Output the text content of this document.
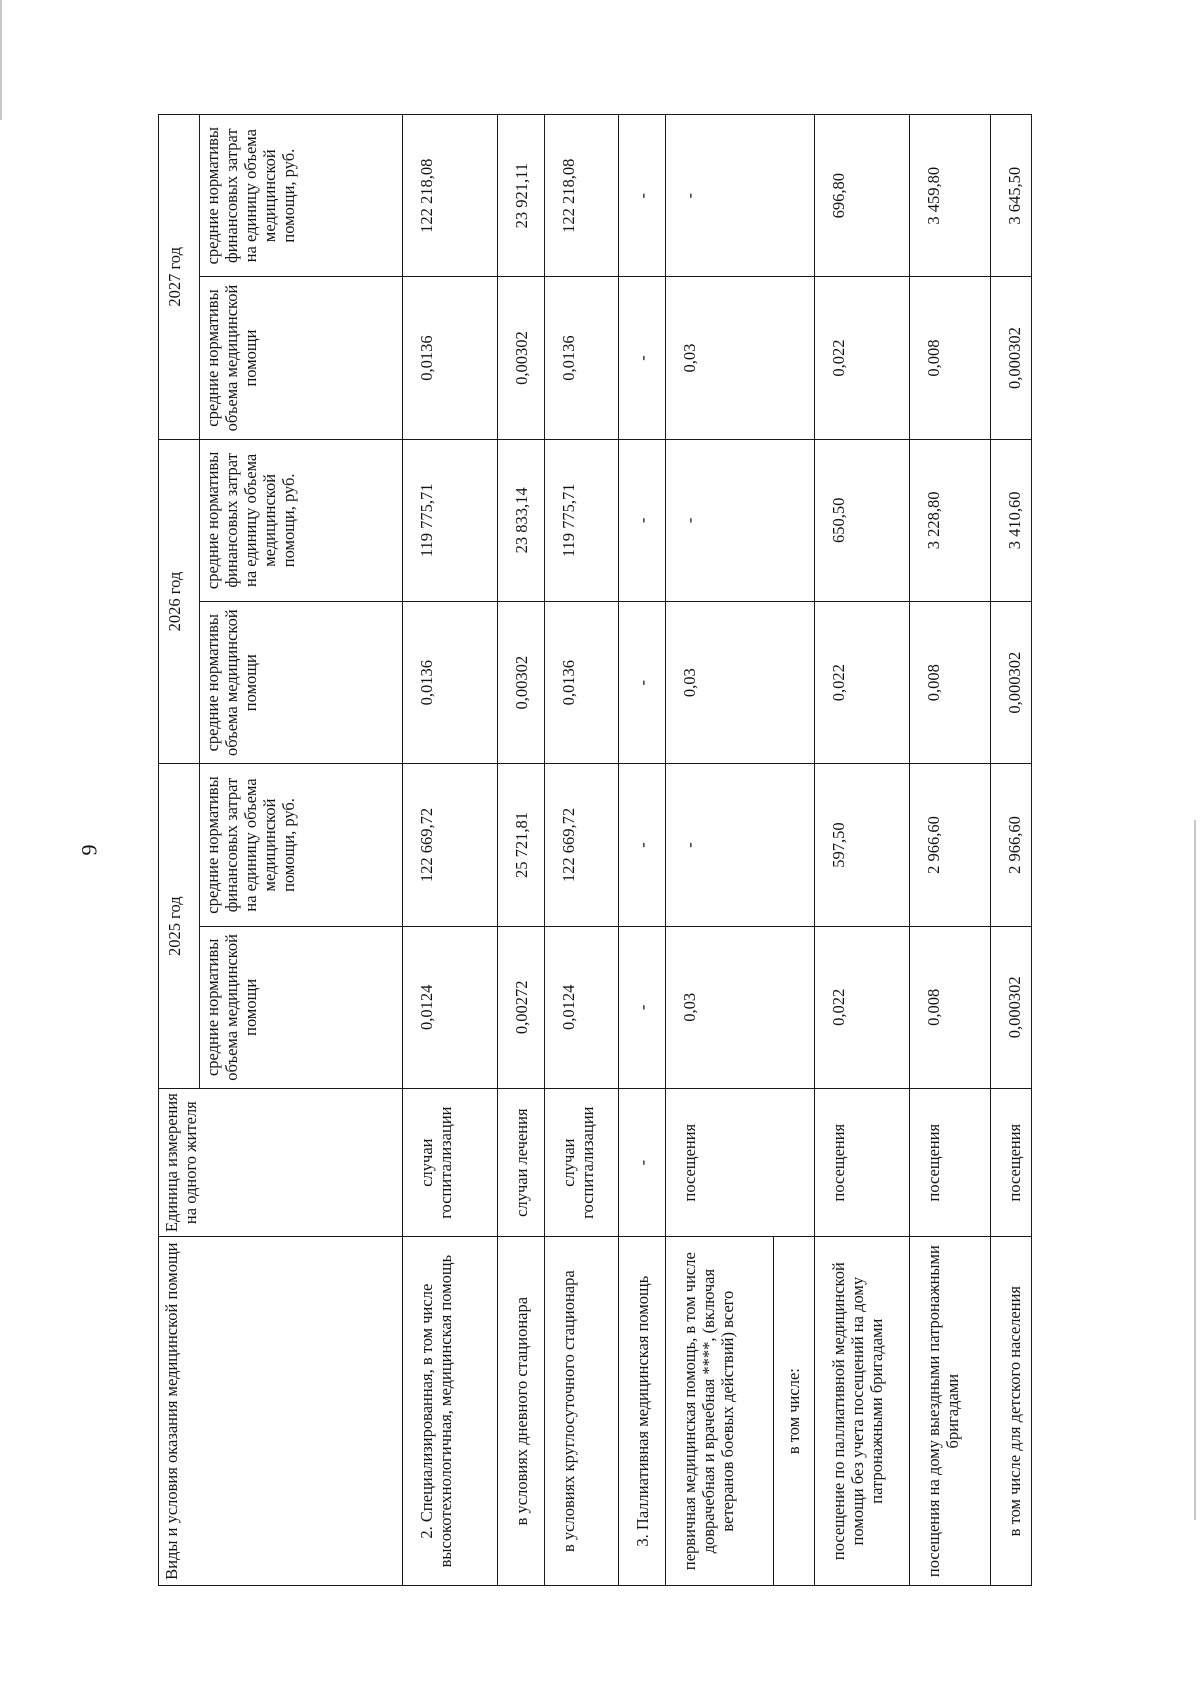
9
Виды и условия оказания медицинской помощи	Единица измерения на одного жителя	2025 год		2026 год		2027 год	
		средние нормативы объема медицинской помощи	средние нормативы финансовых затрат на единицу объема медицинской помощи, руб.	средние нормативы объема медицинской помощи	средние нормативы финансовых затрат на единицу объема медицинской помощи, руб.	средние нормативы объема медицинской помощи	средние нормативы финансовых затрат на единицу объема медицинской помощи, руб.
2. Специализированная, в том числе высокотехнологичная, медицинская помощь	случаи госпитализации	0,0124	122 669,72	0,0136	119 775,71	0,0136	122 218,08
в условиях дневного стационара	случаи лечения	0,00272	25 721,81	0,00302	23 833,14	0,00302	23 921,11
в условиях круглосуточного стационара	случаи госпитализации	0,0124	122 669,72	0,0136	119 775,71	0,0136	122 218,08
3. Паллиативная медицинская помощь	-	-	-	-	-	-	-
первичная медицинская помощь, в том числе доврачебная и врачебная ****, (включая ветеранов боевых действий) всего	посещения	0,03	-	0,03	-	0,03	-
в том числе:							
посещение по паллиативной медицинской помощи без учета посещений на дому патронажными бригадами	посещения	0,022	597,50	0,022	650,50	0,022	696,80
посещения на дому выездными патронажными бригадами	посещения	0,008	2 966,60	0,008	3 228,80	0,008	3 459,80
в том числе для детского населения	посещения	0,000302	2 966,60	0,000302	3 410,60	0,000302	3 645,50
